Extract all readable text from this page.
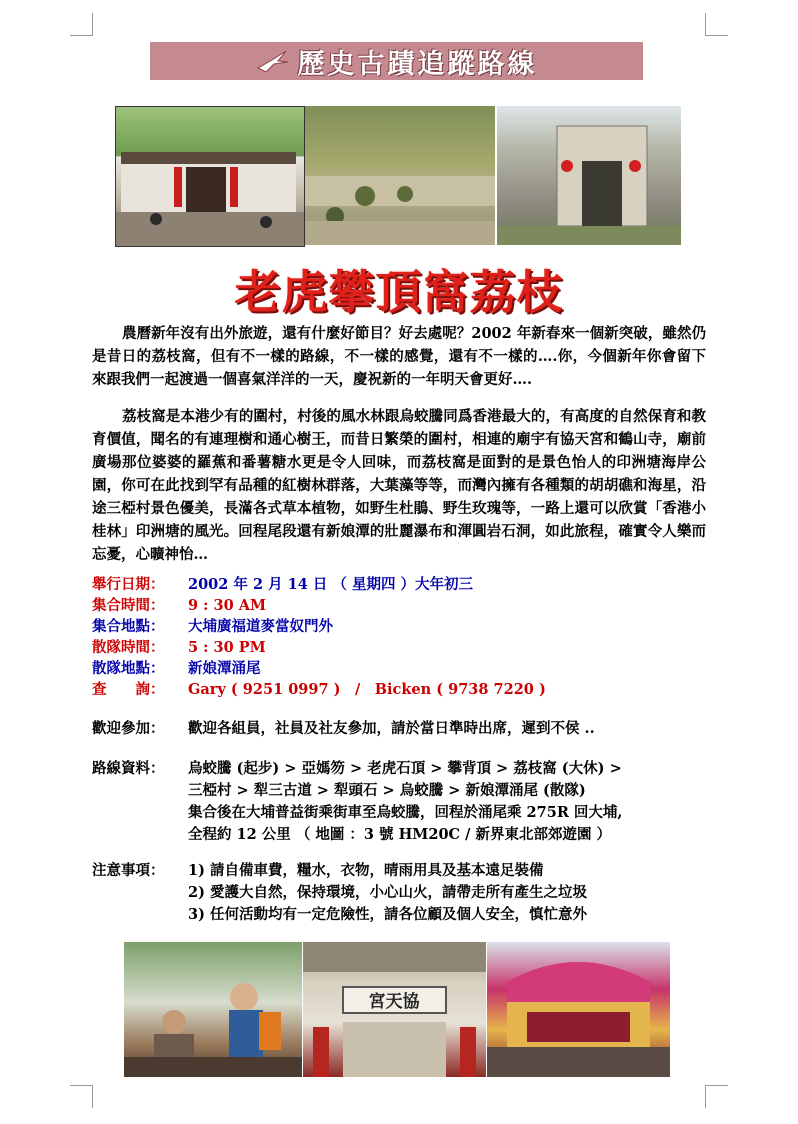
歷史古蹟追蹤路線
老虎攀頂窩荔枝

農曆新年沒有出外旅遊，還有什麼好節目？好去處呢？2002 年新春來一個新突破，雖然仍是昔日的荔枝窩，但有不一樣的路線，不一樣的感覺，還有不一樣的….你，今個新年你會留下來跟我們一起渡過一個喜氣洋洋的一天，慶祝新的一年明天會更好….

荔枝窩是本港少有的圍村，村後的風水林跟烏蛟騰同爲香港最大的，有高度的自然保育和教育價值，聞名的有連理樹和通心樹王，而昔日繁榮的圍村，相連的廟宇有協天宮和鶴山寺，廟前廣場那位婆婆的羅蕉和番薯糖水更是令人回味，而荔枝窩是面對的是景色怡人的印洲塘海岸公園，你可在此找到罕有品種的紅樹林群落，大葉藻等等，而灣內擁有各種類的胡胡礁和海星，沿途三椏村景色優美，長滿各式草本植物，如野生杜鵑、野生玫瑰等，一路上還可以欣賞「香港小桂林」印洲塘的風光。回程尾段還有新娘潭的壯麗瀑布和渾圓岩石洞，如此旅程，確實令人樂而忘憂，心曠神怡…

舉行日期： 2002 年 2 月 14 日 （ 星期四 ）大年初三
集合時間： 9 : 30 AM
集合地點： 大埔廣福道麥當奴門外
散隊時間： 5 : 30 PM
散隊地點： 新娘潭涌尾
查　　詢： Gary ( 9251 0997 )　/　Bicken ( 9738 7220 )
歡迎參加： 歡迎各組員，社員及社友參加，請於當日準時出席，遲到不侯 ..
路線資料： 烏蛟騰 (起步) > 亞媽笏 > 老虎石頂 > 攀背頂 > 荔枝窩 (大休) >
三椏村 > 犁三古道 > 犁頭石 > 烏蛟騰 > 新娘潭涌尾 (散隊)
集合後在大埔普益街乘街車至烏蛟騰，回程於涌尾乘 275R 回大埔,
全程約 12 公里 （ 地圖 ：3 號 HM20C / 新界東北部郊遊園 ）
注意事項： 1) 請自備車費，糧水，衣物，晴雨用具及基本遠足裝備
2) 愛護大自然，保持環境，小心山火，請帶走所有產生之垃圾
3) 任何活動均有一定危險性，請各位顧及個人安全，慎忙意外
宮天協
